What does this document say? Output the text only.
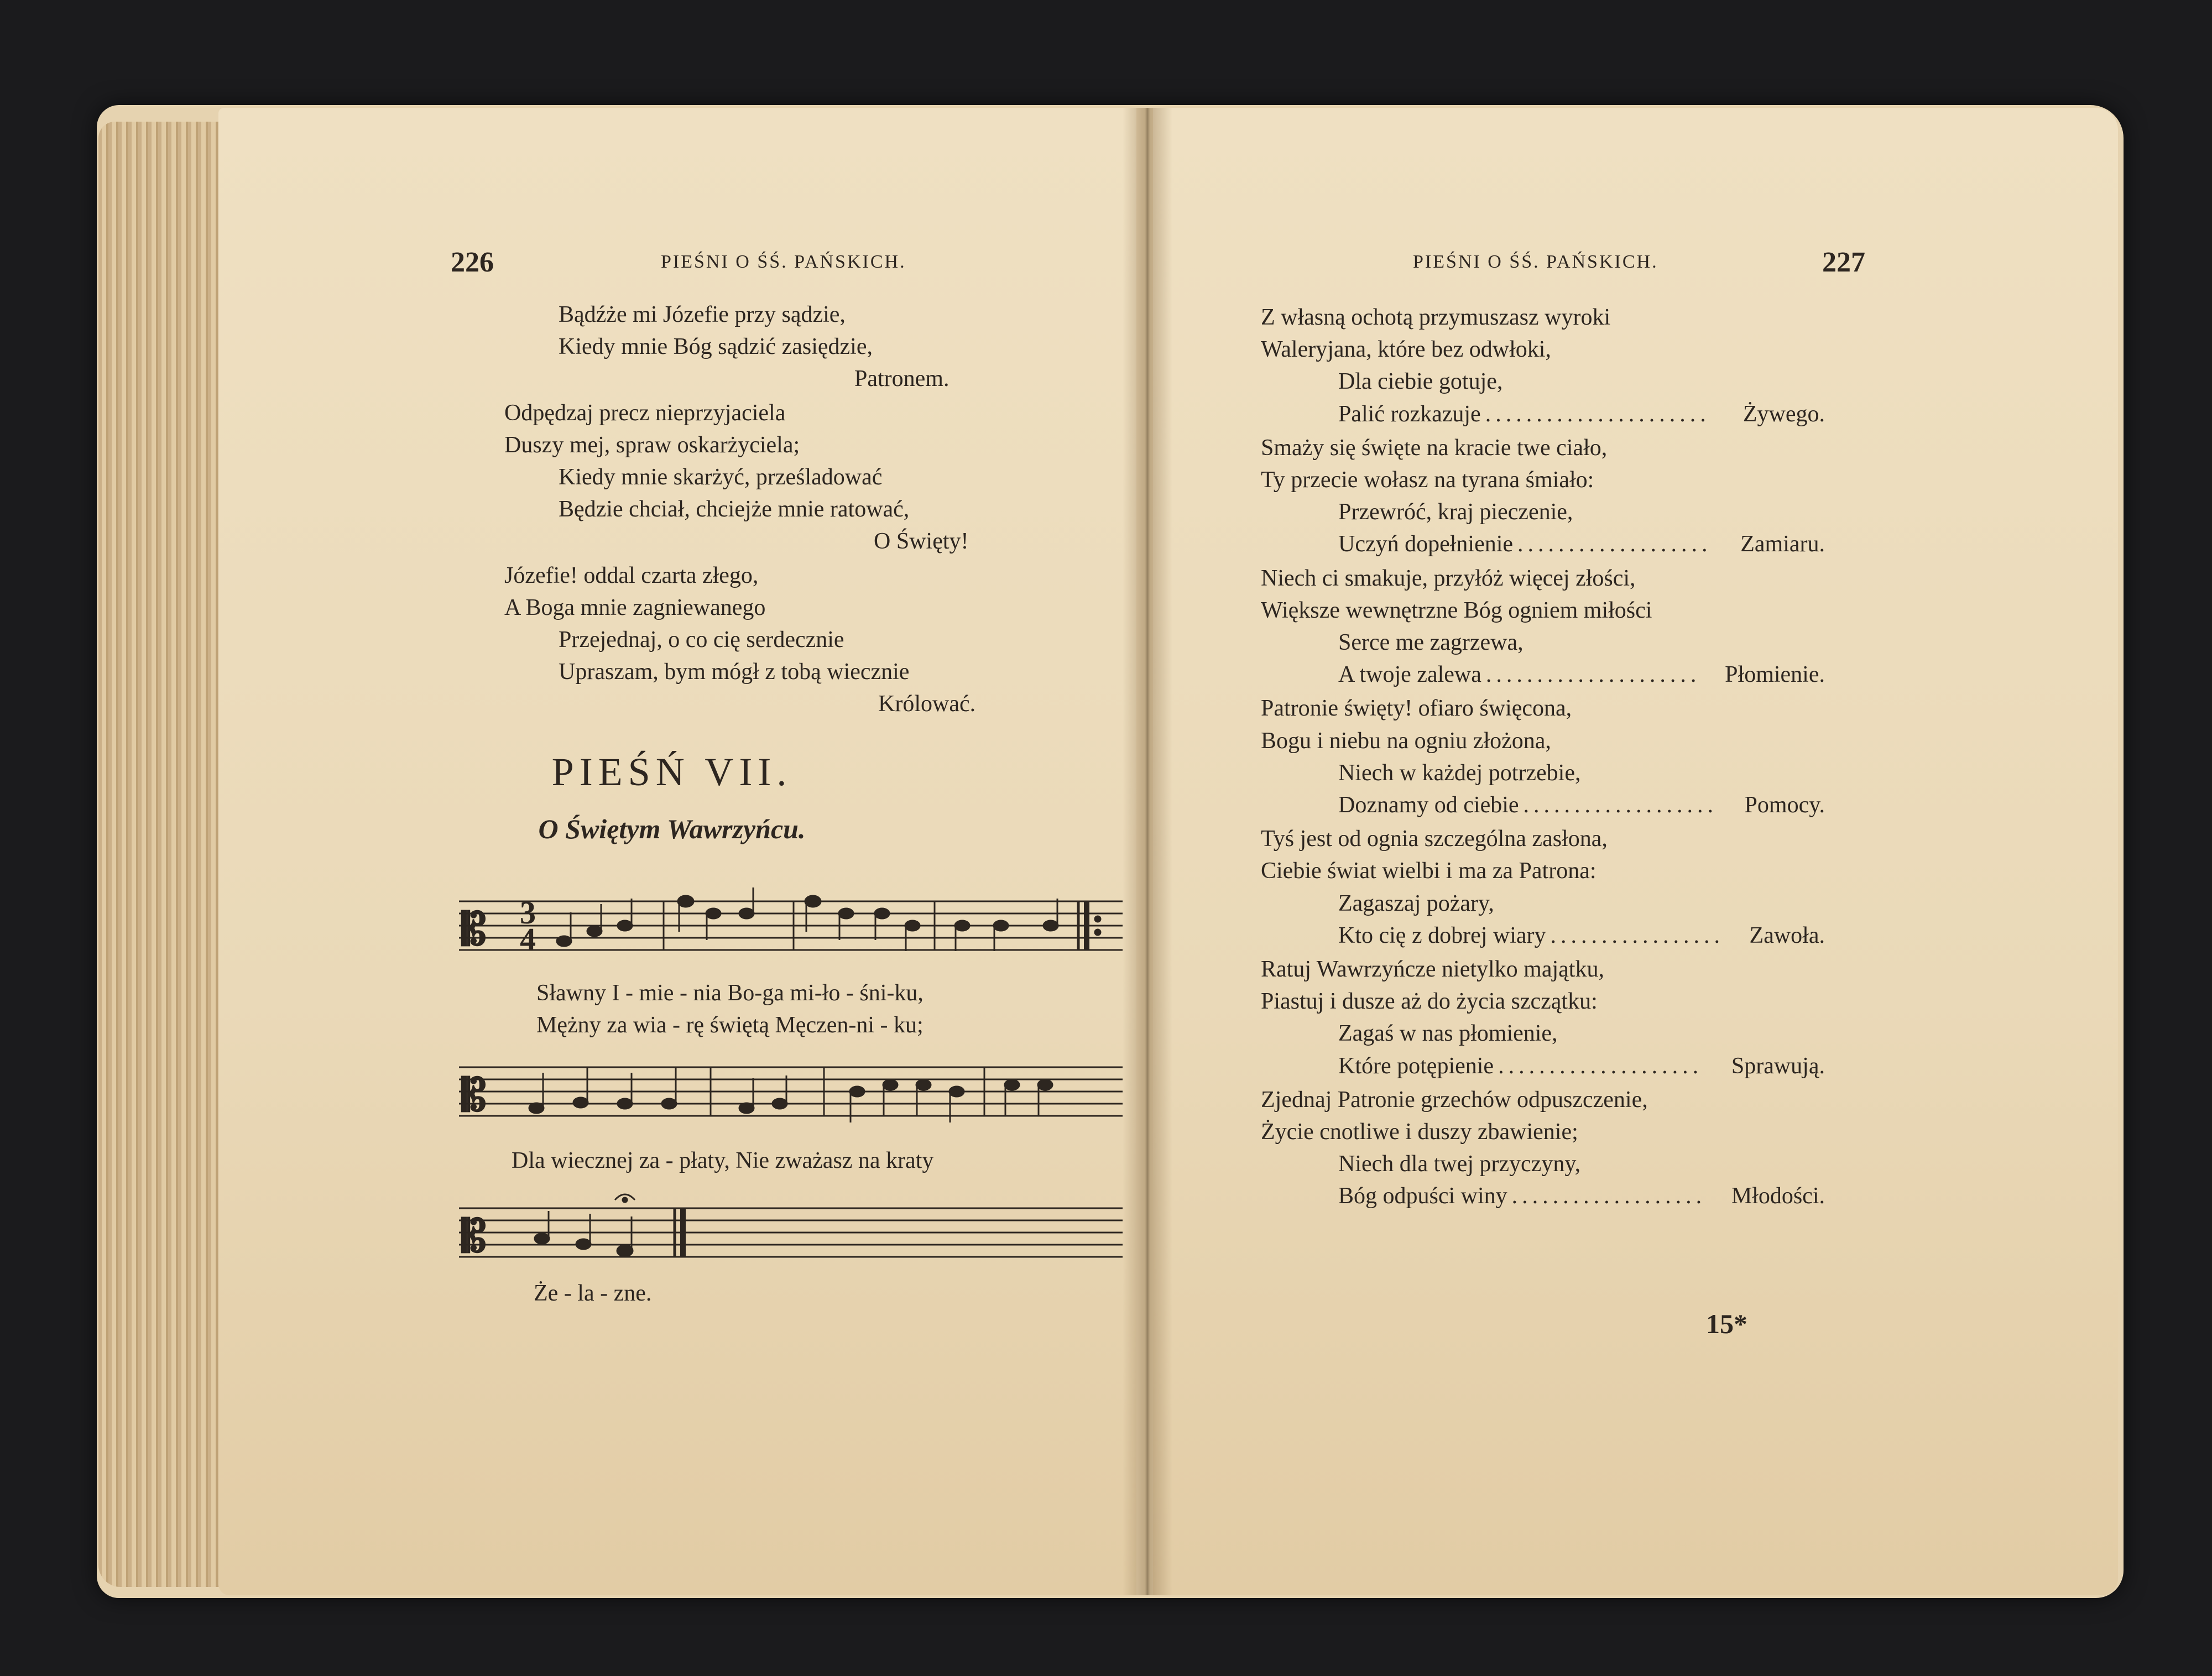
226	PIEŚNI O ŚŚ. PAŃSKICH.
Bądźże mi Józefie przy sądzie,
Kiedy mnie Bóg sądzić zasiędzie,
Patronem.
Odpędzaj precz nieprzyjaciela
Duszy mej, spraw oskarżyciela;
Kiedy mnie skarżyć, prześladować
Będzie chciał, chciejże mnie ratować,
O Święty!
Józefie! oddal czarta złego,
A Boga mnie zagniewanego
Przejednaj, o co cię serdecznie
Upraszam, bym mógł z tobą wiecznie
Królować.
PIEŚŃ VII.
O Świętym Wawrzyńcu.
𝄡 3
4
Sławny I - mie - nia Bo-ga mi-ło - śni-ku,
Mężny za wia - rę świętą Męczen-ni - ku;
𝄡
Dla wiecznej za - płaty, Nie zważasz na kraty
𝄡
Że - la - zne.
PIEŚNI O ŚŚ. PAŃSKICH.	227
Z własną ochotą przymuszasz wyroki
Waleryjana, które bez odwłoki,
Dla ciebie gotuje,
Palić rozkazuje ...................... Żywego.
Smaży się święte na kracie twe ciało,
Ty przecie wołasz na tyrana śmiało:
Przewróć, kraj pieczenie,
Uczyń dopełnienie ................... Zamiaru.
Niech ci smakuje, przyłóż więcej złości,
Większe wewnętrzne Bóg ogniem miłości
Serce me zagrzewa,
A twoje zalewa ..................... Płomienie.
Patronie święty! ofiaro święcona,
Bogu i niebu na ogniu złożona,
Niech w każdej potrzebie,
Doznamy od ciebie ................... Pomocy.
Tyś jest od ognia szczególna zasłona,
Ciebie świat wielbi i ma za Patrona:
Zagaszaj pożary,
Kto cię z dobrej wiary ................. Zawoła.
Ratuj Wawrzyńcze nietylko majątku,
Piastuj i dusze aż do życia szczątku:
Zagaś w nas płomienie,
Które potępienie .................... Sprawują.
Zjednaj Patronie grzechów odpuszczenie,
Życie cnotliwe i duszy zbawienie;
Niech dla twej przyczyny,
Bóg odpuści winy ................... Młodości.
15*
